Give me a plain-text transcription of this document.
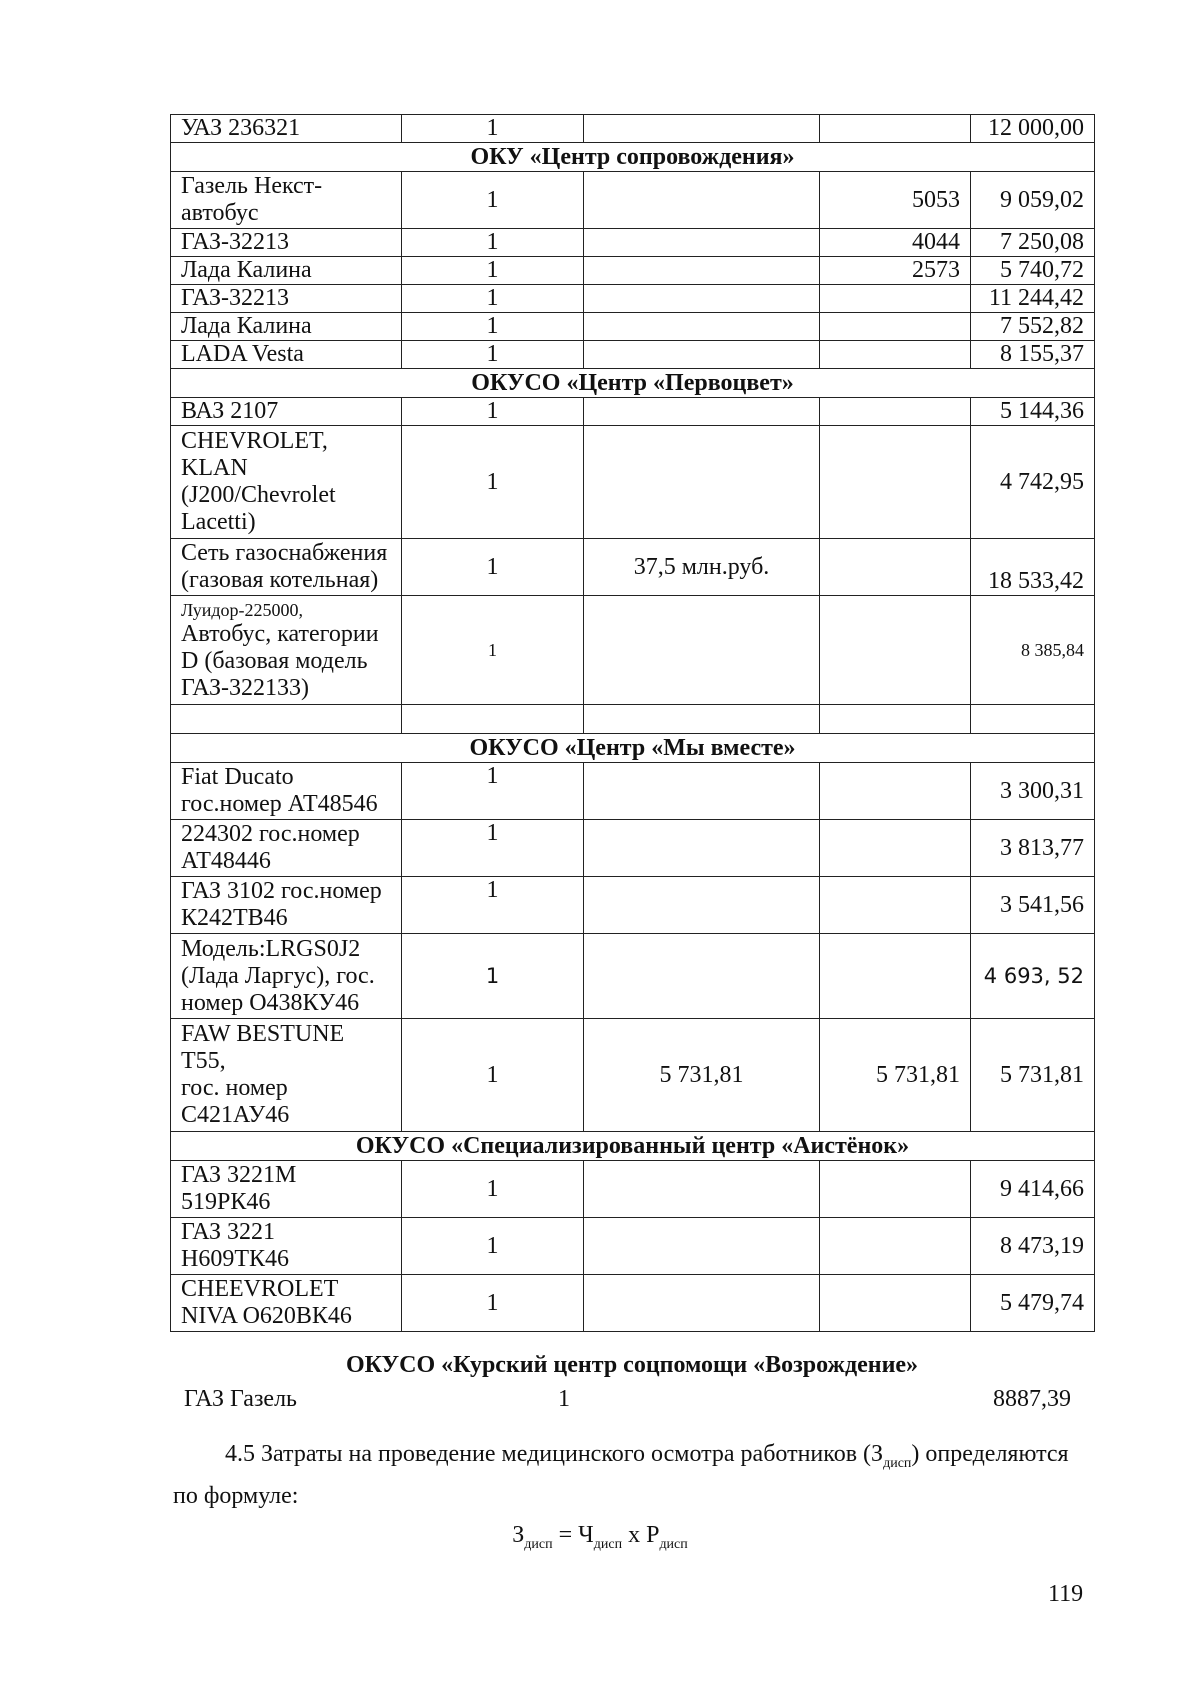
УАЗ 236321	1			12 000,00
ОКУ «Центр сопровождения»				

Газель Некст-
автобус	1		5053	9 059,02

ГАЗ-32213	1		4044	7 250,08

Лада Калина	1		2573	5 740,72

ГАЗ-32213	1			11 244,42

Лада Калина	1			7 552,82

LADA Vesta	1			8 155,37
ОКУСО «Центр «Первоцвет»				

ВАЗ 2107	1			5 144,36

CHEVROLET,
KLAN
(J200/Chevrolet
Lacetti)	1			4 742,95

Сеть газоснабжения
(газовая котельная)	1	37,5 млн.руб.		18 533,42

Луидор-225000,
Автобус, категории
D (базовая модель
ГАЗ-322133)	1			8 385,84

ОКУСО «Центр «Мы вместе»				

Fiat Ducato
гос.номер АТ48546	1			3 300,31

224302 гос.номер
АТ48446	1			3 813,77

ГАЗ 3102 гос.номер
К242ТВ46	1			3 541,56

Модель:LRGS0J2
(Лада Ларгус), гос.
номер О438КУ46	1			4 693, 52

FAW BESTUNE
T55,
гос. номер
С421АУ46	1	5 731,81	5 731,81	5 731,81
ОКУСО «Специализированный центр «Аистёнок»				

ГАЗ 3221М
519РК46	1			9 414,66

ГАЗ 3221
Н609ТК46	1			8 473,19

CHEEVROLET
NIVA О620ВК46	1			5 479,74
ОКУСО «Курский центр соцпомощи «Возрождение»
ГАЗ Газель	1	8887,39
4.5 Затраты на проведение медицинского осмотра работников $(З_{дисп})$ определяются по формуле:
$З_{дисп} = Ч_{дисп}$ х $Р_{дисп}$
119
